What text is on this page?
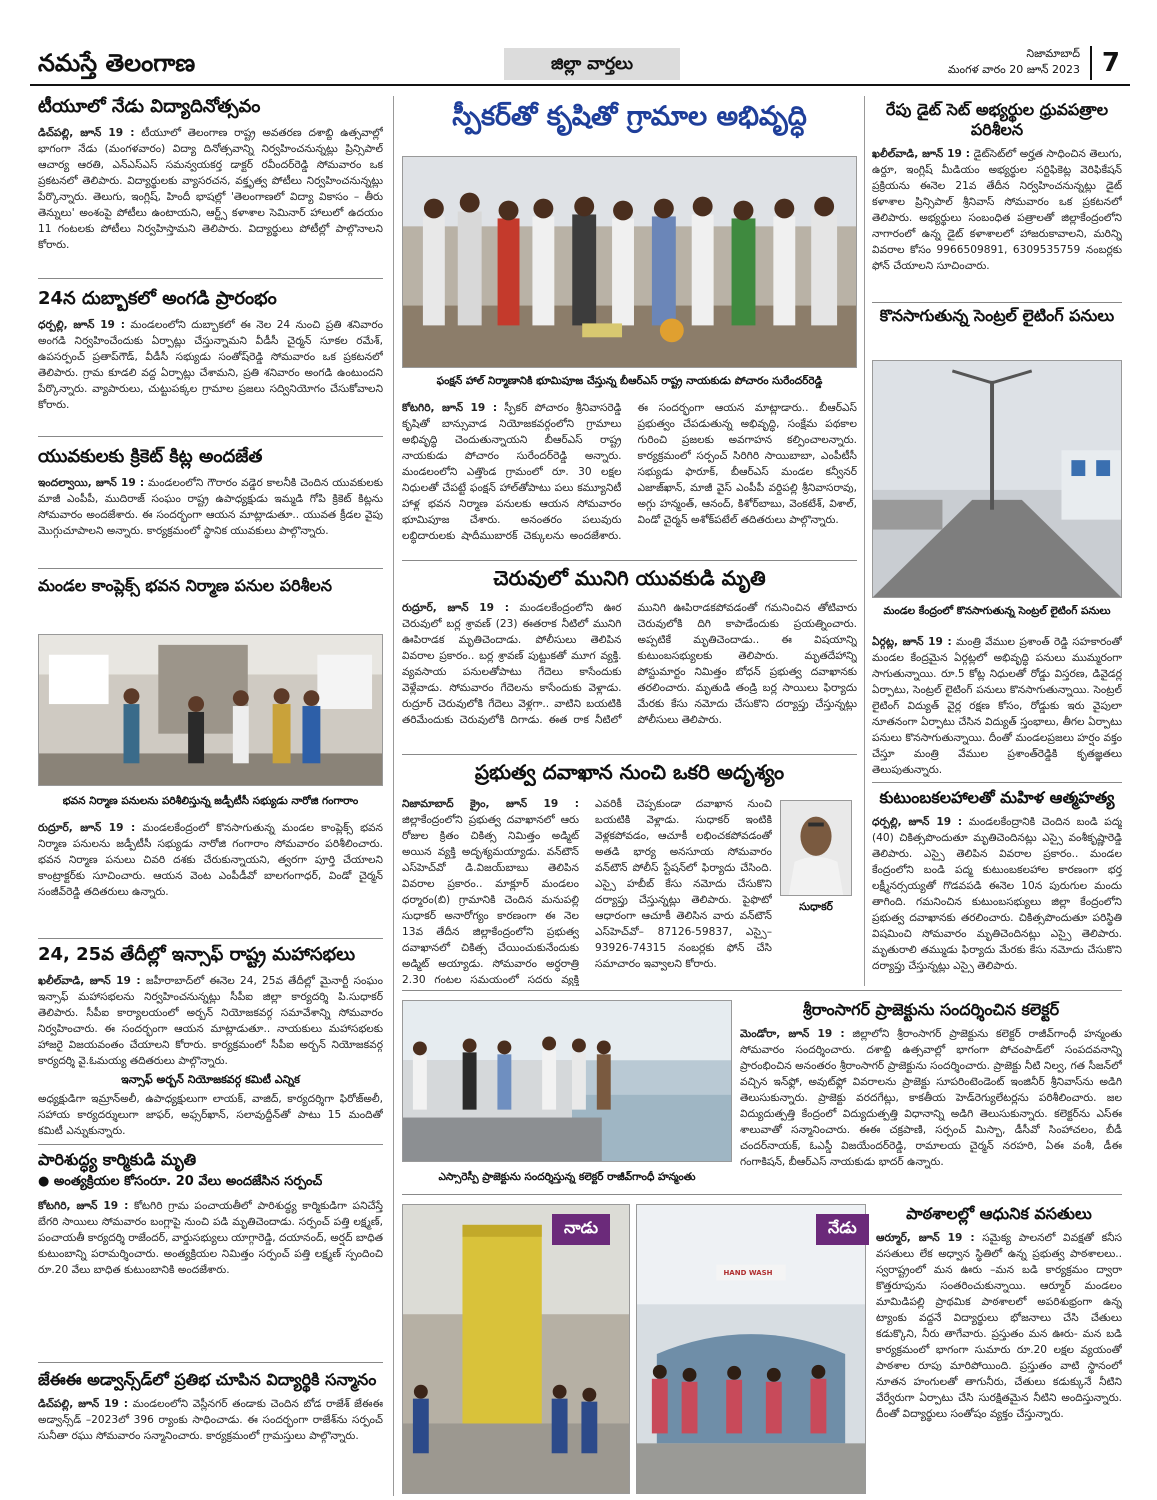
నమస్తే తెలంగాణ	జిల్లా వార్తలు
నిజామాబాద్
మంగళ వారం 20 జూన్ 2023 7
టీయూలో నేడు విద్యాదినోత్సవం
డిచ్‌పల్లి, జూన్ 19 : టీయూలో తెలంగాణ రాష్ట్ర అవతరణ దశాబ్ది ఉత్సవాల్లో భాగంగా నేడు (మంగళవారం) విద్యా దినోత్సవాన్ని నిర్వహించనున్నట్లు ప్రిన్సిపాల్ ఆచార్య ఆరతి, ఎన్‌ఎస్‌ఎస్ సమన్వయకర్త డాక్టర్ రవీందర్‌రెడ్డి సోమవారం ఒక ప్రకటనలో తెలిపారు. విద్యార్థులకు వ్యాసరచన, వక్తృత్వ పోటీలు నిర్వహించనున్నట్లు పేర్కొన్నారు. తెలుగు, ఇంగ్లిష్, హిందీ భాషల్లో 'తెలంగాణలో విద్యా వికాసం – తీరు తెన్నులు' అంశంపై పోటీలు ఉంటాయని, ఆర్ట్స్ కళాశాల సెమినార్ హాలులో ఉదయం 11 గంటలకు పోటీలు నిర్వహిస్తామని తెలిపారు. విద్యార్థులు పోటీల్లో పాల్గొనాలని కోరారు.
24న దుబ్బాకలో అంగడి ప్రారంభం
ధర్పల్లి, జూన్ 19 : మండలంలోని దుబ్బాకలో ఈ నెల 24 నుంచి ప్రతి శనివారం అంగడి నిర్వహించేందుకు ఏర్పాట్లు చేస్తున్నామని వీడీసీ చైర్మన్ సూకల రమేశ్, ఉపసర్పంచ్ ప్రతాప్‌గౌడ్, వీడీసీ సభ్యుడు సంతోష్‌రెడ్డి సోమవారం ఒక ప్రకటనలో తెలిపారు. గ్రామ కూడలి వద్ద ఏర్పాట్లు చేశామని, ప్రతి శనివారం అంగడి ఉంటుందని పేర్కొన్నారు. వ్యాపారులు, చుట్టుపక్కల గ్రామాల ప్రజలు సద్వినియోగం చేసుకోవాలని కోరారు.
యువకులకు క్రికెట్ కిట్ల అందజేత
ఇందల్వాయి, జూన్ 19 : మండలంలోని గౌరారం వడ్డెర కాలనీకి చెందిన యువకులకు మాజీ ఎంపీపీ, ముదిరాజ్ సంఘం రాష్ట్ర ఉపాధ్యక్షుడు ఇమ్మడి గోపి క్రికెట్ కిట్లను సోమవారం అందజేశారు. ఈ సందర్భంగా ఆయన మాట్లాడుతూ.. యువత క్రీడల వైపు మొగ్గుచూపాలని అన్నారు. కార్యక్రమంలో స్థానిక యువకులు పాల్గొన్నారు.
మండల కాంప్లెక్స్ భవన నిర్మాణ పనుల పరిశీలన
భవన నిర్మాణ పనులను పరిశీలిస్తున్న జడ్పీటీసీ సభ్యుడు నారోజి గంగారాం
రుద్రూర్, జూన్ 19 : మండలకేంద్రంలో కొనసాగుతున్న మండల కాంప్లెక్స్ భవన నిర్మాణ పనులను జడ్పీటీసీ సభ్యుడు నారోజి గంగారాం సోమవారం పరిశీలించారు. భవన నిర్మాణ పనులు చివరి దశకు చేరుకున్నాయని, త్వరగా పూర్తి చేయాలని కాంట్రాక్టర్‌కు సూచించారు. ఆయన వెంట ఎంపీడీవో బాలగంగాధర్, విండో చైర్మన్ సంజీవ్‌రెడ్డి తదితరులు ఉన్నారు.
24, 25వ తేదీల్లో ఇన్సాఫ్ రాష్ట్ర మహాసభలు
ఖలీల్‌వాడి, జూన్ 19 : జహీరాబాద్‌లో ఈనెల 24, 25వ తేదీల్లో మైనార్టీ సంఘం ఇన్సాఫ్ మహాసభలను నిర్వహించనున్నట్లు సీపీఐ జిల్లా కార్యదర్శి పి.సుధాకర్ తెలిపారు. సీపీఐ కార్యాలయంలో అర్బన్ నియోజకవర్గ సమావేశాన్ని సోమవారం నిర్వహించారు. ఈ సందర్భంగా ఆయన మాట్లాడుతూ.. నాయకులు మహాసభలకు హాజరై విజయవంతం చేయాలని కోరారు. కార్యక్రమంలో సీపీఐ అర్బన్ నియోజకవర్గ కార్యదర్శి వై.ఓమయ్య తదితరులు పాల్గొన్నారు.
ఇన్సాఫ్ అర్బన్ నియోజకవర్గ కమిటీ ఎన్నిక
అధ్యక్షుడిగా ఇమ్రాన్‌అలీ, ఉపాధ్యక్షులుగా లాయక్, వాజిద్, కార్యదర్శిగా ఫిరోజ్‌అలీ, సహాయ కార్యదర్శులుగా జాఫర్, అఫ్సర్‌ఖాన్, సలావుద్దీన్‌తో పాటు 15 మందితో కమిటీ ఎన్నుకున్నారు.
పారిశుద్ధ్య కార్మికుడి మృతి
● అంత్యక్రియల కోసంరూ. 20 వేలు అందజేసిన సర్పంచ్
కోటగిరి, జూన్ 19 : కోటగిరి గ్రామ పంచాయతీలో పారిశుద్ధ్య కార్మికుడిగా పనిచేస్తే బేగరి సాయిలు సోమవారం బంగ్లాపై నుంచి పడి మృతిచెందాడు. సర్పంచ్ పత్తి లక్ష్మణ్, పంచాయతీ కార్యదర్శి రాజేందర్, వార్డుసభ్యులు యాగ్గారెడ్డి, దయానంద్, అర్షద్ బాధిత కుటుంబాన్ని పరామర్శించారు. అంత్యక్రియల నిమిత్తం సర్పంచ్ పత్తి లక్ష్మణ్ స్పందించి రూ.20 వేలు బాధిత కుటుంబానికి అందజేశారు.
జేఈఈ అడ్వాన్స్‌డ్‌లో ప్రతిభ చూపిన విద్యార్థికి సన్మానం
డిచ్‌పల్లి, జూన్ 19 : మండలంలోని వెస్లీనగర్ తండాకు చెందిన బోడ రాజేశ్ జేఈఈ అడ్వాన్స్‌డ్ –2023లో 396 ర్యాంకు సాధించాడు. ఈ సందర్భంగా రాజేశ్‌ను సర్పంచ్ సునీతా రఘు సోమవారం సన్మానించారు. కార్యక్రమంలో గ్రామస్తులు పాల్గొన్నారు.
స్పీకర్‌తో కృషితో గ్రామాల అభివృద్ధి
ఫంక్షన్ హాల్ నిర్మాణానికి భూమిపూజ చేస్తున్న బీఆర్‌ఎస్ రాష్ట్ర నాయకుడు పోచారం సురేందర్‌రెడ్డి
కోటగిరి, జూన్ 19 : స్పీకర్ పోచారం శ్రీనివాసరెడ్డి కృషితో బాన్సువాడ నియోజకవర్గంలోని గ్రామాలు అభివృద్ధి చెందుతున్నాయని బీఆర్‌ఎస్ రాష్ట్ర నాయకుడు పోచారం సురేందర్‌రెడ్డి అన్నారు. మండలంలోని ఎత్తొండ గ్రామంలో రూ. 30 లక్షల నిధులతో చేపట్టే ఫంక్షన్ హాల్‌తోపాటు పలు కమ్యూనిటీ హాళ్ల భవన నిర్మాణ పనులకు ఆయన సోమవారం భూమిపూజ చేశారు. అనంతరం పలువురు లబ్ధిదారులకు షాదీముబారక్ చెక్కులను అందజేశారు. ఈ సందర్భంగా ఆయన మాట్లాడారు.. బీఆర్‌ఎస్ ప్రభుత్వం చేపడుతున్న అభివృద్ధి, సంక్షేమ పథకాల గురించి ప్రజలకు అవగాహన కల్పించాలన్నారు. కార్యక్రమంలో సర్పంచ్ సిరిగిరి సాయిబాబా, ఎంపీటీసీ సభ్యుడు ఫారూక్, బీఆర్‌ఎస్ మండల కన్వీనర్ ఎజాజ్‌ఖాన్, మాజీ వైస్ ఎంపీపీ వర్దిపల్లి శ్రీనివాసరావు, అగ్గు హన్మంత్, ఆనంద్, కిశోర్‌బాబు, వెంకటేశ్, విశాల్, విండో చైర్మన్ అశోక్‌పటేల్ తదితరులు పాల్గొన్నారు.
చెరువులో మునిగి యువకుడి మృతి
రుద్రూర్, జూన్ 19 : మండలకేంద్రంలోని ఊర చెరువులో బర్ల శ్రావణ్ (23) ఈతరాక నీటిలో మునిగి ఊపిరాడక మృతిచెందాడు. పోలీసులు తెలిపిన వివరాల ప్రకారం.. బర్ల శ్రావణ్ పుట్టుకతో మూగ వ్యక్తి. వ్యవసాయ పనులతోపాటు గేదెలు కాసేందుకు వెళ్లేవాడు. సోమవారం గేదెలను కాసేందుకు వెళ్లాడు. రుద్రూర్ చెరువులోకి గేదెలు వెళ్లగా.. వాటిని బయటికి తరిమేందుకు చెరువులోకి దిగాడు. ఈత రాక నీటిలో మునిగి ఊపిరాడకపోవడంతో గమనించిన తోటివారు చెరువులోకి దిగి కాపాడేందుకు ప్రయత్నించారు. అప్పటికే మృతిచెందాడు.. ఈ విషయాన్ని కుటుంబసభ్యులకు తెలిపారు. మృతదేహాన్ని పోస్టుమార్టం నిమిత్తం బోధన్ ప్రభుత్వ దవాఖానకు తరలించారు. మృతుడి తండ్రి బర్ల సాయిలు ఫిర్యాదు మేరకు కేసు నమోదు చేసుకొని దర్యాప్తు చేస్తున్నట్లు పోలీసులు తెలిపారు.
ప్రభుత్వ దవాఖాన నుంచి ఒకరి అదృశ్యం
నిజామాబాద్ క్రైం, జూన్ 19 : జిల్లాకేంద్రంలోని ప్రభుత్వ దవాఖానలో ఆరు రోజుల క్రితం చికిత్స నిమిత్తం అడ్మిట్ అయిన వ్యక్తి అదృశ్యమయ్యాడు. వన్‌టౌన్ ఎస్‌హెచ్‌వో డి.విజయ్‌బాబు తెలిపిన వివరాల ప్రకారం.. మాక్లూర్ మండలం ధర్మారం(బి) గ్రామానికి చెందిన మనుపల్లి సుధాకర్ అనారోగ్యం కారణంగా ఈ నెల 13వ తేదీన జిల్లాకేంద్రంలోని ప్రభుత్వ దవాఖానలో చికిత్స చేయించుకునేందుకు అడ్మిట్ అయ్యాడు. సోమవారం అర్ధరాత్రి 2.30 గంటల సమయంలో సదరు వ్యక్తి ఎవరికీ చెప్పకుండా దవాఖాన నుంచి బయటికి వెళ్లాడు. సుధాకర్ ఇంటికి వెళ్లకపోవడం, ఆచూకీ లభించకపోవడంతో అతడి భార్య అనసూయ సోమవారం వన్‌టౌన్ పోలీస్ స్టేషన్‌లో ఫిర్యాదు చేసింది. ఎస్సై హబీబ్ కేసు నమోదు చేసుకొని దర్యాప్తు చేస్తున్నట్లు తెలిపారు. పైఫొటో ఆధారంగా ఆచూకీ తెలిసిన వారు వన్‌టౌన్ ఎస్‌హెచ్‌వో– 87126-59837, ఎస్సై– 93926-74315 నంబర్లకు ఫోన్ చేసి సమాచారం ఇవ్వాలని కోరారు.
సుధాకర్
రేపు డైట్ సెట్ అభ్యర్థుల ధ్రువపత్రాల పరిశీలన
ఖలీల్‌వాడి, జూన్ 19 : డైట్‌సెట్‌లో అర్హత సాధించిన తెలుగు, ఉర్దూ, ఇంగ్లిష్ మీడియం అభ్యర్థుల సర్టిఫికెట్ల వెరిఫికేషన్ ప్రక్రియను ఈనెల 21వ తేదీన నిర్వహించనున్నట్లు డైట్ కళాశాల ప్రిన్సిపాల్ శ్రీనివాస్ సోమవారం ఒక ప్రకటనలో తెలిపారు. అభ్యర్థులు సంబంధిత పత్రాలతో జిల్లాకేంద్రంలోని నాగారంలో ఉన్న డైట్ కళాశాలలో హాజరుకావాలని, మరిన్ని వివరాల కోసం 9966509891, 6309535759 నంబర్లకు ఫోన్ చేయాలని సూచించారు.
కొనసాగుతున్న సెంట్రల్ లైటింగ్ పనులు
మండల కేంద్రంలో కొనసాగుతున్న సెంట్రల్ లైటింగ్ పనులు
ఏర్గట్ల, జూన్ 19 : మంత్రి వేముల ప్రశాంత్ రెడ్డి సహకారంతో మండల కేంద్రమైన ఏర్గట్లలో అభివృద్ధి పనులు ముమ్మరంగా సాగుతున్నాయి. రూ.5 కోట్ల నిధులతో రోడ్డు విస్తరణ, డివైడర్ల ఏర్పాటు, సెంట్రల్ లైటింగ్ పనులు కొనసాగుతున్నాయి. సెంట్రల్ లైటింగ్ విద్యుత్ వైర్ల రక్షణ కోసం, రోడ్డుకు ఇరు వైపులా నూతనంగా ఏర్పాటు చేసిన విద్యుత్ స్తంభాలు, తీగల ఏర్పాటు పనులు కొనసాగుతున్నాయి. దీంతో మండలప్రజలు హర్షం వక్తం చేస్తూ మంత్రి వేముల ప్రశాంత్‌రెడ్డికి కృతజ్ఞతలు తెలుపుతున్నారు.
కుటుంబకలహాలతో మహిళ ఆత్మహత్య
ధర్పల్లి, జూన్ 19 : మండలకేంద్రానికి చెందిన బండి పద్మ (40) చికిత్సపొందుతూ మృతిచెందినట్లు ఎస్సై వంశీకృష్ణారెడ్డి తెలిపారు. ఎస్సై తెలిపిన వివరాల ప్రకారం.. మండల కేంద్రంలోని బండి పద్మ కుటుంబకలహాల కారణంగా భర్త లక్ష్మీనర్సయ్యతో గొడవపడి ఈనెల 10న పురుగుల మందు తాగింది. గమనించిన కుటుంబసభ్యులు జిల్లా కేంద్రంలోని ప్రభుత్వ దవాఖానకు తరలించారు. చికిత్సపొందుతూ పరిస్థితి విషమించి సోమవారం మృతిచెందినట్లు ఎస్సై తెలిపారు. మృతురాలి తమ్ముడు ఫిర్యాదు మేరకు కేసు నమోదు చేసుకొని దర్యాప్తు చేస్తున్నట్లు ఎస్సై తెలిపారు.
ఎస్సారెస్పీ ప్రాజెక్టును సందర్శిస్తున్న కలెక్టర్ రాజీవ్‌గాంధీ హన్మంతు
శ్రీరాంసాగర్ ప్రాజెక్టును సందర్శించిన కలెక్టర్
మెండోరా, జూన్ 19 : జిల్లాలోని శ్రీరాంసాగర్ ప్రాజెక్టును కలెక్టర్ రాజీవ్‌గాంధీ హన్మంతు సోమవారం సందర్శించారు. దశాబ్ది ఉత్సవాల్లో భాగంగా పోచంపాడ్‌లో సంపదవనాన్ని ప్రారంభించిన అనంతరం శ్రీరాంసాగర్ ప్రాజెక్టును సందర్శించారు. ప్రాజెక్టు నీటి నిల్వ, గత సీజన్‌లో వచ్చిన ఇన్‌ఫ్లో, అవుట్‌ఫ్లో వివరాలను ప్రాజెక్టు సూపరింటెండెంట్ ఇంజినీర్ శ్రీనివాస్‌ను అడిగి తెలుసుకున్నారు. ప్రాజెక్టు వరదగేట్లు, కాకతీయ హెడ్‌రెగ్యులేటర్లను పరిశీలించారు. జల విద్యుదుత్పత్తి కేంద్రంలో విద్యుదుత్పత్తి విధానాన్ని అడిగి తెలుసుకున్నారు. కలెక్టర్‌ను ఎస్‌ఈ శాలువాతో సన్మానించారు. ఈఈ చక్రపాణి, సర్పంచ్ మిస్బా, డీసీవో సింహాచలం, బీడీ చందర్‌నాయక్, ఓఎస్డీ విజయేందర్‌రెడ్డి, రామాలయ చైర్మన్ నరహరి, ఏఈ వంశీ, డీఈ గంగాకిషన్, బీఆర్‌ఎస్ నాయకుడు భాదర్ ఉన్నారు.
నాడు
HAND WASH
నేడు
పాఠశాలల్లో ఆధునిక వసతులు
ఆర్మూర్, జూన్ 19 : సమైక్య పాలనలో వివక్షతో కనీస వసతులు లేక అధ్వాన స్థితిలో ఉన్న ప్రభుత్వ పాఠశాలలు.. స్వరాష్ట్రంలో మన ఊరు –మన బడి కార్యక్రమం ద్వారా కొత్తరూపును సంతరించుకున్నాయి. ఆర్మూర్ మండలం మామిడిపల్లి ప్రాథమిక పాఠశాలలో అపరిశుభ్రంగా ఉన్న ట్యాంకు వద్దనే విద్యార్థులు భోజనాలు చేసి చేతులు కడుక్కొని, నీరు తాగేవారు. ప్రస్తుతం మన ఊరు- మన బడి కార్యక్రమంలో భాగంగా సుమారు రూ.20 లక్షల వ్యయంతో పాఠశాల రూపు మారిపోయింది. ప్రస్తుతం వాటి స్థానంలో నూతన హంగులతో తాగునీరు, చేతులు కడుక్కునే నీటిని వేర్వేరుగా ఏర్పాటు చేసి సురక్షితమైన నీటిని అందిస్తున్నారు. దీంతో విద్యార్థులు సంతోషం వ్యక్తం చేస్తున్నారు.
